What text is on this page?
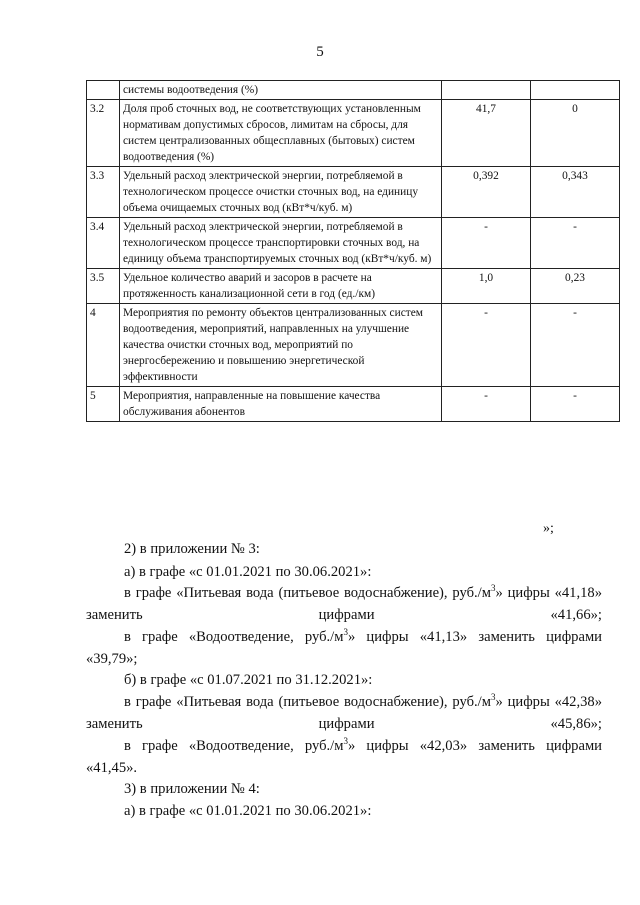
5
	системы водоотведения (%)		
3.2	Доля проб сточных вод, не соответствующих установленным нормативам допустимых сбросов, лимитам на сбросы, для систем централизованных общесплавных (бытовых) систем водоотведения (%)	41,7	0
3.3	Удельный расход электрической энергии, потребляемой в технологическом процессе очистки сточных вод, на единицу объема очищаемых сточных вод (кВт*ч/куб. м)	0,392	0,343
3.4	Удельный расход электрической энергии, потребляемой в технологическом процессе транспортировки сточных вод, на единицу объема транспортируемых сточных вод (кВт*ч/куб. м)	-	-
3.5	Удельное количество аварий и засоров в расчете на протяженность канализационной сети в год (ед./км)	1,0	0,23
4	Мероприятия по ремонту объектов централизованных систем водоотведения, мероприятий, направленных на улучшение качества очистки сточных вод, мероприятий по энергосбережению и повышению энергетической эффективности	-	-
5	Мероприятия, направленные на повышение качества обслуживания абонентов	-	-
»;
2) в приложении № 3:
а) в графе «с 01.01.2021 по 30.06.2021»:
в графе «Питьевая вода (питьевое водоснабжение), $руб./м^3$» цифры «41,18» заменить цифрами «41,66»;
в графе «Водоотведение, $руб./м^3$» цифры «41,13» заменить цифрами «39,79»;
б) в графе «с 01.07.2021 по 31.12.2021»:
в графе «Питьевая вода (питьевое водоснабжение), $руб./м^3$» цифры «42,38» заменить цифрами «45,86»;
в графе «Водоотведение, $руб./м^3$» цифры «42,03» заменить цифрами «41,45».
3) в приложении № 4:
а) в графе «с 01.01.2021 по 30.06.2021»:
